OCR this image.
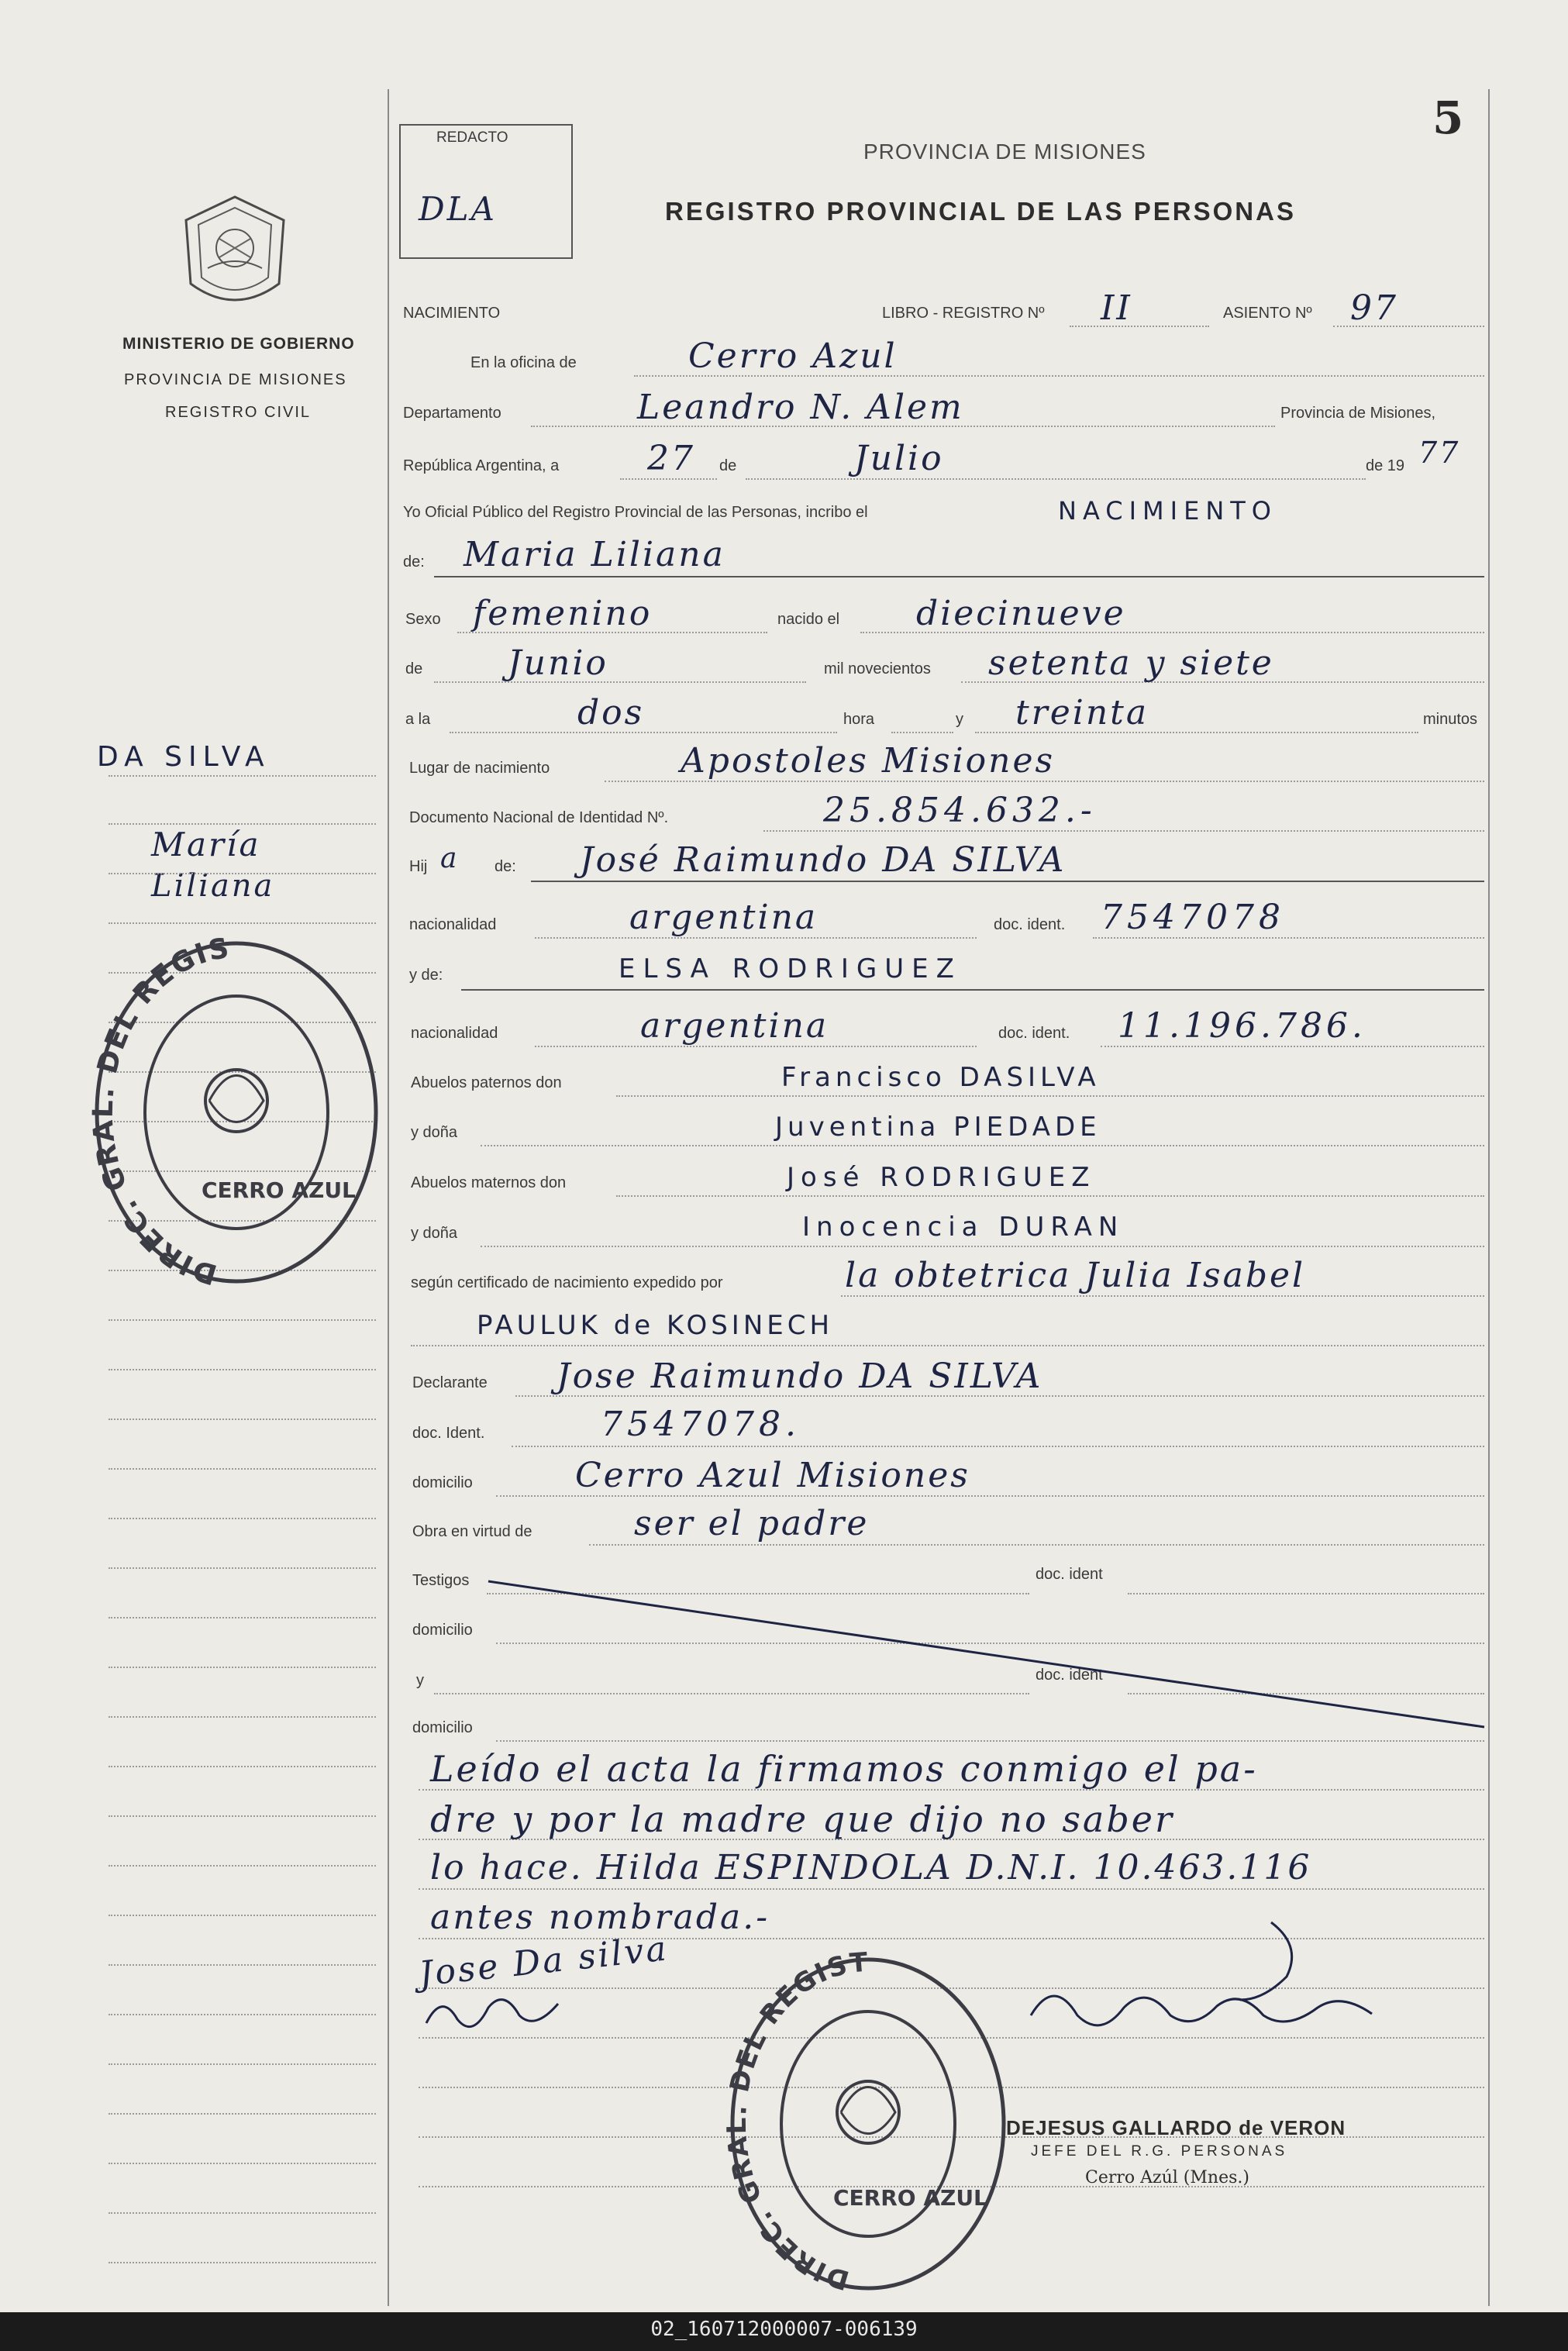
5
MINISTERIO DE GOBIERNO
PROVINCIA DE MISIONES
REGISTRO CIVIL
REDACTO
DLA
PROVINCIA DE MISIONES
REGISTRO PROVINCIAL DE LAS PERSONAS
NACIMIENTO	LIBRO - REGISTRO Nº II	ASIENTO Nº 97
En la oficina de	Cerro Azul
Departamento	Leandro N. Alem	Provincia de Misiones,
República Argentina, a	27 de	Julio	de 19 77
Yo Oficial Público del Registro Provincial de las Personas, incribo el	NACIMIENTO
de: Maria Liliana
Sexo femenino	nacido el diecinueve
de Junio	mil novecientos setenta y siete
a la	dos	hora	y treinta	minutos
Lugar de nacimiento	Apostoles Misiones
Documento Nacional de Identidad Nº.	25.854.632.-
Hij a de: José Raimundo DA SILVA
nacionalidad	argentina	doc. ident. 7547078
y de:	ELSA RODRIGUEZ
nacionalidad	argentina	doc. ident. 11.196.786.
Abuelos paternos don	Francisco DASILVA
y doña	Juventina PIEDADE
Abuelos maternos don	José RODRIGUEZ
y doña	Inocencia DURAN
según certificado de nacimiento expedido por	la obtetrica Julia Isabel
PAULUK de KOSINECH
Declarante Jose Raimundo DA SILVA
doc. Ident.	7547078.
domicilio	Cerro Azul Misiones
Obra en virtud de	ser el padre
Testigos	doc. ident
domicilio
y	doc. ident
domicilio
Leído el acta la firmamos conmigo el pa-
dre y por la madre que dijo no saber
lo hace. Hilda ESPINDOLA D.N.I. 10.463.116
antes nombrada.-
Jose Da silva
DEJESUS GALLARDO de VERON
JEFE DEL R.G. PERSONAS
Cerro Azúl (Mnes.)
DA SILVA
María
Liliana
DIREC. GRAL. DEL REGIS
CERRO AZUL
DIREC. GRAL. DEL REGIST
CERRO AZUL
02_160712000007-006139
